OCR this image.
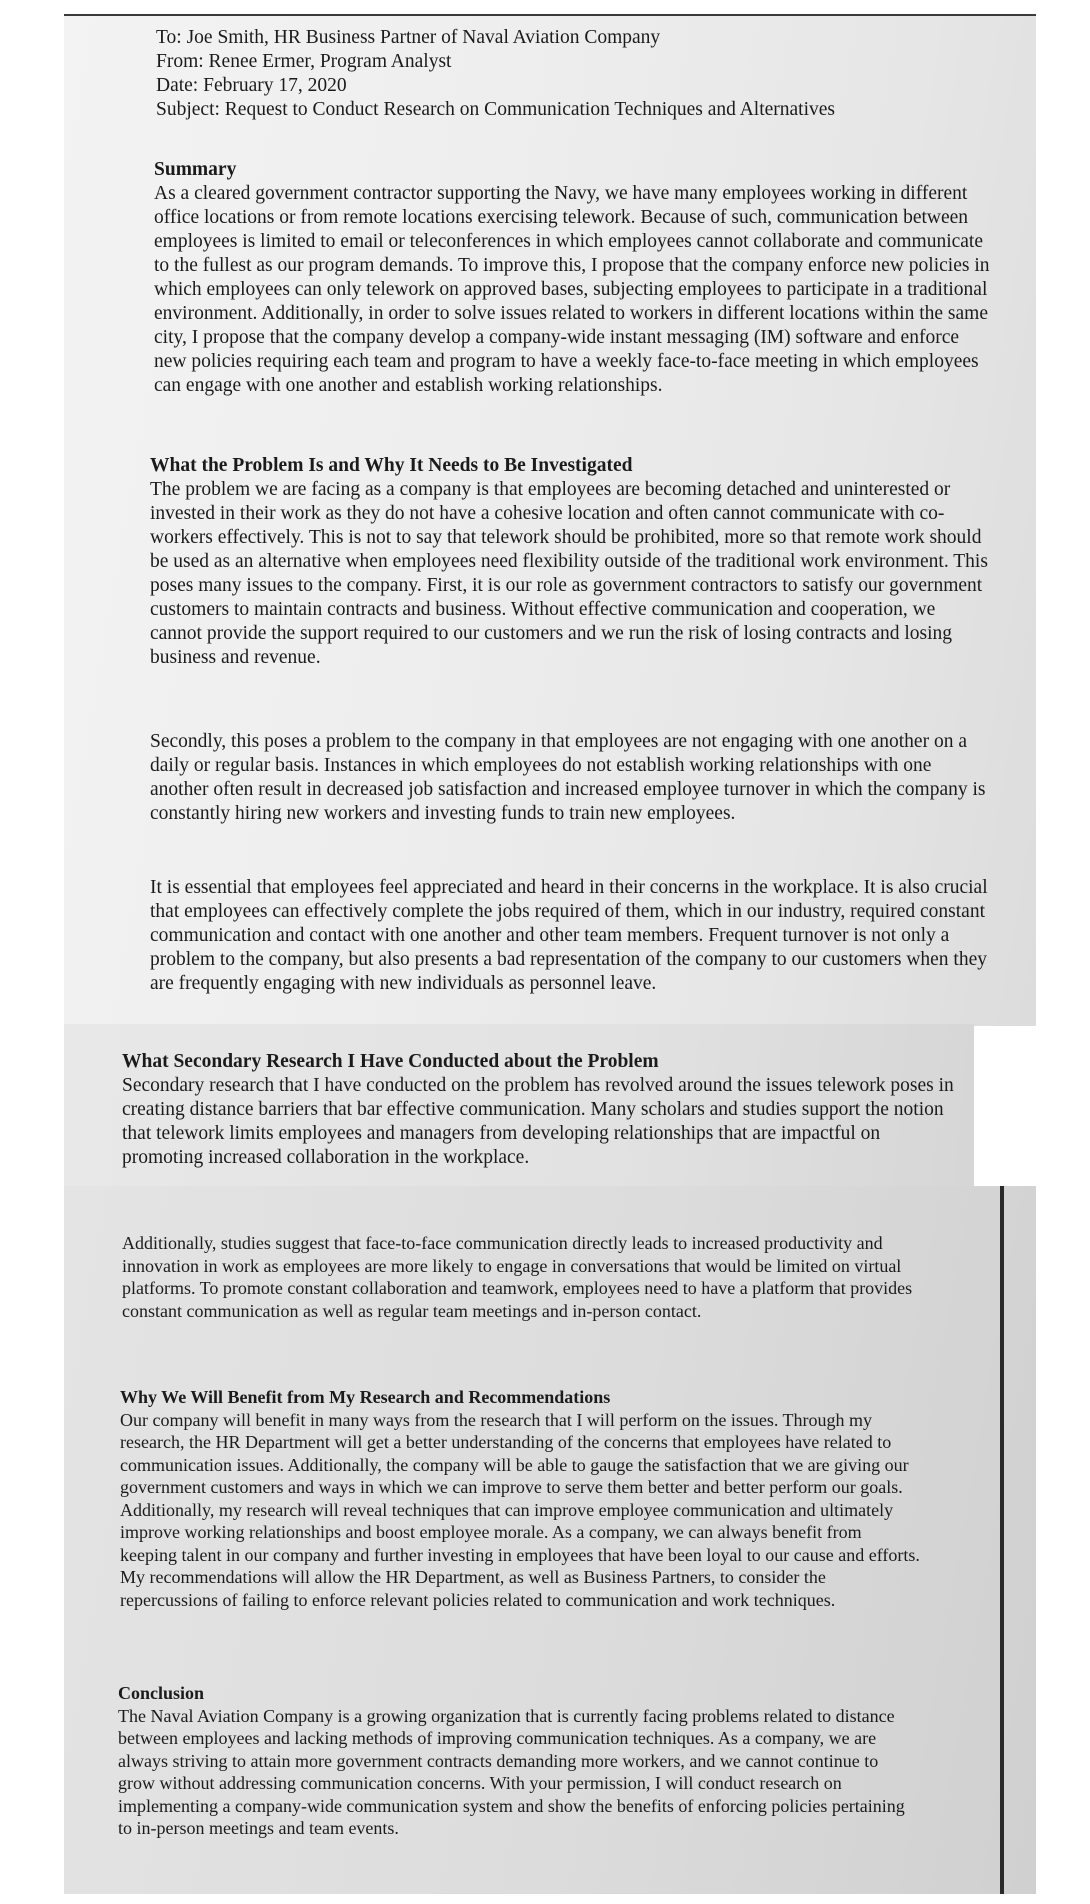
To: Joe Smith, HR Business Partner of Naval Aviation Company

From: Renee Ermer, Program Analyst

Date: February 17, 2020

Subject: Request to Conduct Research on Communication Techniques and Alternatives

Summary

As a cleared government contractor supporting the Navy, we have many employees working in different office locations or from remote locations exercising telework. Because of such, communication between employees is limited to email or teleconferences in which employees cannot collaborate and communicate to the fullest as our program demands. To improve this, I propose that the company enforce new policies in which employees can only telework on approved bases, subjecting employees to participate in a traditional environment. Additionally, in order to solve issues related to workers in different locations within the same city, I propose that the company develop a company-wide instant messaging (IM) software and enforce new policies requiring each team and program to have a weekly face-to-face meeting in which employees can engage with one another and establish working relationships.

What the Problem Is and Why It Needs to Be Investigated

The problem we are facing as a company is that employees are becoming detached and uninterested or invested in their work as they do not have a cohesive location and often cannot communicate with co-workers effectively. This is not to say that telework should be prohibited, more so that remote work should be used as an alternative when employees need flexibility outside of the traditional work environment. This poses many issues to the company. First, it is our role as government contractors to satisfy our government customers to maintain contracts and business. Without effective communication and cooperation, we cannot provide the support required to our customers and we run the risk of losing contracts and losing business and revenue.

Secondly, this poses a problem to the company in that employees are not engaging with one another on a daily or regular basis. Instances in which employees do not establish working relationships with one another often result in decreased job satisfaction and increased employee turnover in which the company is constantly hiring new workers and investing funds to train new employees.

It is essential that employees feel appreciated and heard in their concerns in the workplace. It is also crucial that employees can effectively complete the jobs required of them, which in our industry, required constant communication and contact with one another and other team members. Frequent turnover is not only a problem to the company, but also presents a bad representation of the company to our customers when they are frequently engaging with new individuals as personnel leave.

What Secondary Research I Have Conducted about the Problem

Secondary research that I have conducted on the problem has revolved around the issues telework poses in creating distance barriers that bar effective communication. Many scholars and studies support the notion that telework limits employees and managers from developing relationships that are impactful on promoting increased collaboration in the workplace.

Additionally, studies suggest that face-to-face communication directly leads to increased productivity and innovation in work as employees are more likely to engage in conversations that would be limited on virtual platforms. To promote constant collaboration and teamwork, employees need to have a platform that provides constant communication as well as regular team meetings and in-person contact.

Why We Will Benefit from My Research and Recommendations

Our company will benefit in many ways from the research that I will perform on the issues. Through my research, the HR Department will get a better understanding of the concerns that employees have related to communication issues. Additionally, the company will be able to gauge the satisfaction that we are giving our government customers and ways in which we can improve to serve them better and better perform our goals. Additionally, my research will reveal techniques that can improve employee communication and ultimately improve working relationships and boost employee morale. As a company, we can always benefit from keeping talent in our company and further investing in employees that have been loyal to our cause and efforts. My recommendations will allow the HR Department, as well as Business Partners, to consider the repercussions of failing to enforce relevant policies related to communication and work techniques.

Conclusion

The Naval Aviation Company is a growing organization that is currently facing problems related to distance between employees and lacking methods of improving communication techniques. As a company, we are always striving to attain more government contracts demanding more workers, and we cannot continue to grow without addressing communication concerns. With your permission, I will conduct research on implementing a company-wide communication system and show the benefits of enforcing policies pertaining to in-person meetings and team events.
